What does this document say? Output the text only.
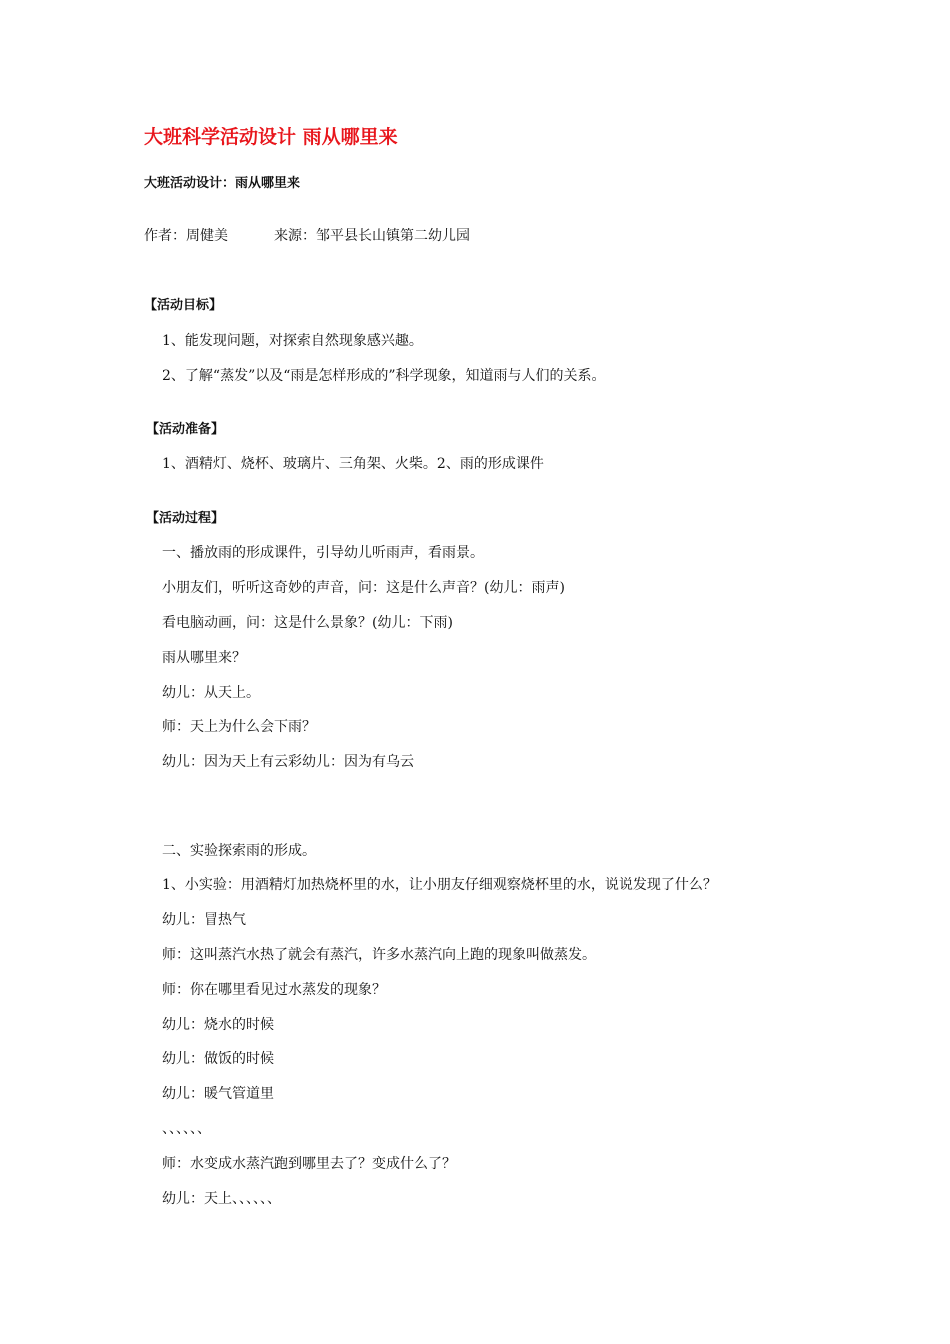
大班科学活动设计 雨从哪里来
大班活动设计：雨从哪里来
作者：周健美	来源：邹平县长山镇第二幼儿园
【活动目标】
1、能发现问题，对探索自然现象感兴趣。
2、了解“蒸发”以及“雨是怎样形成的”科学现象，知道雨与人们的关系。
【活动准备】
1、酒精灯、烧杯、玻璃片、三角架、火柴。2、雨的形成课件
【活动过程】
一、播放雨的形成课件，引导幼儿听雨声，看雨景。
小朋友们，听听这奇妙的声音，问：这是什么声音？(幼儿：雨声)
看电脑动画，问：这是什么景象？(幼儿：下雨)
雨从哪里来？
幼儿：从天上。
师：天上为什么会下雨？
幼儿：因为天上有云彩幼儿：因为有乌云
二、实验探索雨的形成。
1、小实验：用酒精灯加热烧杯里的水，让小朋友仔细观察烧杯里的水，说说发现了什么？
幼儿：冒热气
师：这叫蒸汽水热了就会有蒸汽，许多水蒸汽向上跑的现象叫做蒸发。
师：你在哪里看见过水蒸发的现象？
幼儿：烧水的时候
幼儿：做饭的时候
幼儿：暖气管道里
、、、、、、
师：水变成水蒸汽跑到哪里去了？变成什么了？
幼儿：天上、、、、、、
